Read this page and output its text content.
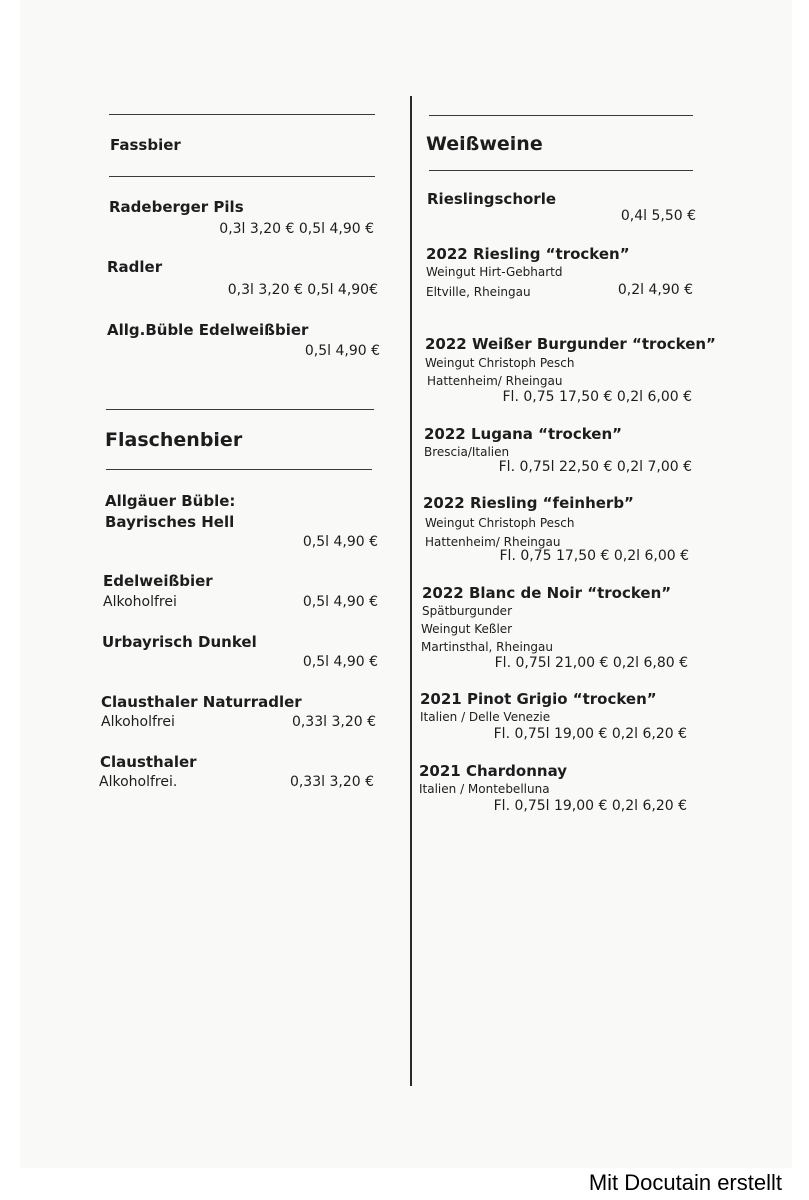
Fassbier
Radeberger Pils
0,3l 3,20 € 0,5l 4,90 €
Radler
0,3l 3,20 € 0,5l 4,90€
Allg.Büble Edelweißbier
0,5l 4,90 €
Flaschenbier
Allgäuer Büble:
Bayrisches Hell
0,5l 4,90 €
Edelweißbier
Alkoholfrei	0,5l 4,90 €
Urbayrisch Dunkel
0,5l 4,90 €
Clausthaler Naturradler
Alkoholfrei	0,33l 3,20 €
Clausthaler
Alkoholfrei.	0,33l 3,20 €
Weißweine
Rieslingschorle
0,4l 5,50 €
2022 Riesling “trocken”
Weingut Hirt-Gebhartd
Eltville, Rheingau	0,2l 4,90 €
2022 Weißer Burgunder “trocken”
Weingut Christoph Pesch
Hattenheim/ Rheingau
Fl. 0,75 17,50 € 0,2l 6,00 €
2022 Lugana “trocken”
Brescia/Italien
Fl. 0,75l 22,50 € 0,2l 7,00 €
2022 Riesling “feinherb”
Weingut Christoph Pesch
Hattenheim/ Rheingau
Fl. 0,75 17,50 € 0,2l 6,00 €
2022 Blanc de Noir “trocken”
Spätburgunder
Weingut Keßler
Martinsthal, Rheingau
Fl. 0,75l 21,00 € 0,2l 6,80 €
2021 Pinot Grigio “trocken”
Italien / Delle Venezie
Fl. 0,75l 19,00 € 0,2l 6,20 €
2021 Chardonnay
Italien / Montebelluna
Fl. 0,75l 19,00 € 0,2l 6,20 €
Mit Docutain erstellt
